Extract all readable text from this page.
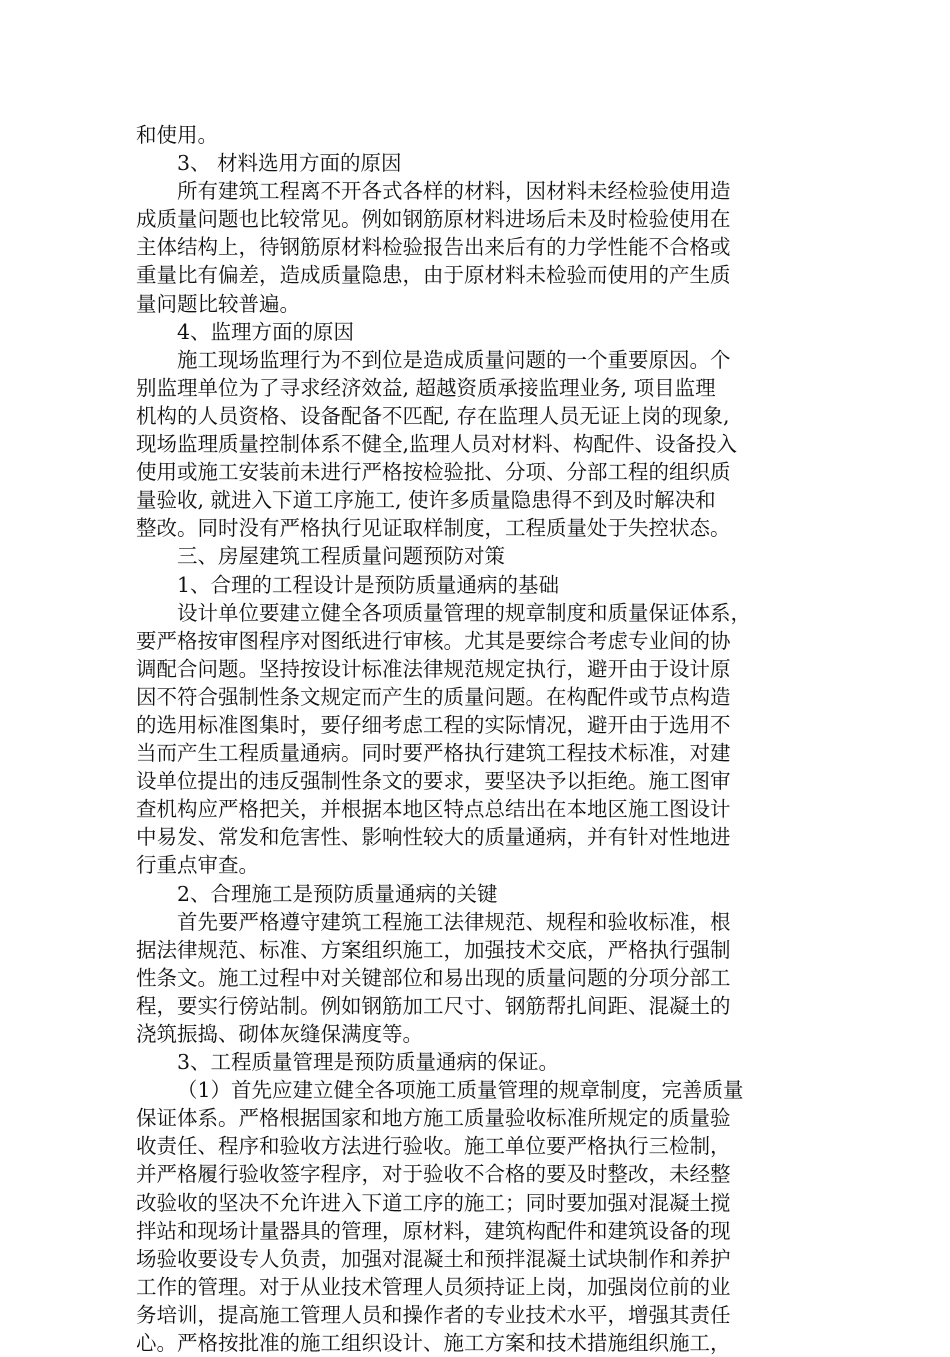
和使用。
3、 材料选用方面的原因
所有建筑工程离不开各式各样的材料，因材料未经检验使用造
成质量问题也比较常见。例如钢筋原材料进场后未及时检验使用在
主体结构上，待钢筋原材料检验报告出来后有的力学性能不合格或
重量比有偏差，造成质量隐患，由于原材料未检验而使用的产生质
量问题比较普遍。
4、监理方面的原因
施工现场监理行为不到位是造成质量问题的一个重要原因。个
别监理单位为了寻求经济效益, 超越资质承接监理业务, 项目监理
机构的人员资格、设备配备不匹配, 存在监理人员无证上岗的现象,
现场监理质量控制体系不健全,监理人员对材料、构配件、设备投入
使用或施工安装前未进行严格按检验批、分项、分部工程的组织质
量验收, 就进入下道工序施工, 使许多质量隐患得不到及时解决和
整改。同时没有严格执行见证取样制度，工程质量处于失控状态。
三、房屋建筑工程质量问题预防对策
1、合理的工程设计是预防质量通病的基础
设计单位要建立健全各项质量管理的规章制度和质量保证体系，
要严格按审图程序对图纸进行审核。尤其是要综合考虑专业间的协
调配合问题。坚持按设计标准法律规范规定执行，避开由于设计原
因不符合强制性条文规定而产生的质量问题。在构配件或节点构造
的选用标准图集时，要仔细考虑工程的实际情况，避开由于选用不
当而产生工程质量通病。同时要严格执行建筑工程技术标准，对建
设单位提出的违反强制性条文的要求，要坚决予以拒绝。施工图审
查机构应严格把关，并根据本地区特点总结出在本地区施工图设计
中易发、常发和危害性、影响性较大的质量通病，并有针对性地进
行重点审查。
2、合理施工是预防质量通病的关键
首先要严格遵守建筑工程施工法律规范、规程和验收标准，根
据法律规范、标准、方案组织施工，加强技术交底，严格执行强制
性条文。施工过程中对关键部位和易出现的质量问题的分项分部工
程，要实行傍站制。例如钢筋加工尺寸、钢筋帮扎间距、混凝土的
浇筑振捣、砌体灰缝保满度等。
3、工程质量管理是预防质量通病的保证。
（1）首先应建立健全各项施工质量管理的规章制度，完善质量
保证体系。严格根据国家和地方施工质量验收标准所规定的质量验
收责任、程序和验收方法进行验收。施工单位要严格执行三检制，
并严格履行验收签字程序，对于验收不合格的要及时整改，未经整
改验收的坚决不允许进入下道工序的施工；同时要加强对混凝土搅
拌站和现场计量器具的管理，原材料，建筑构配件和建筑设备的现
场验收要设专人负责，加强对混凝土和预拌混凝土试块制作和养护
工作的管理。对于从业技术管理人员须持证上岗，加强岗位前的业
务培训，提高施工管理人员和操作者的专业技术水平，增强其责任
心。严格按批准的施工组织设计、施工方案和技术措施组织施工，
